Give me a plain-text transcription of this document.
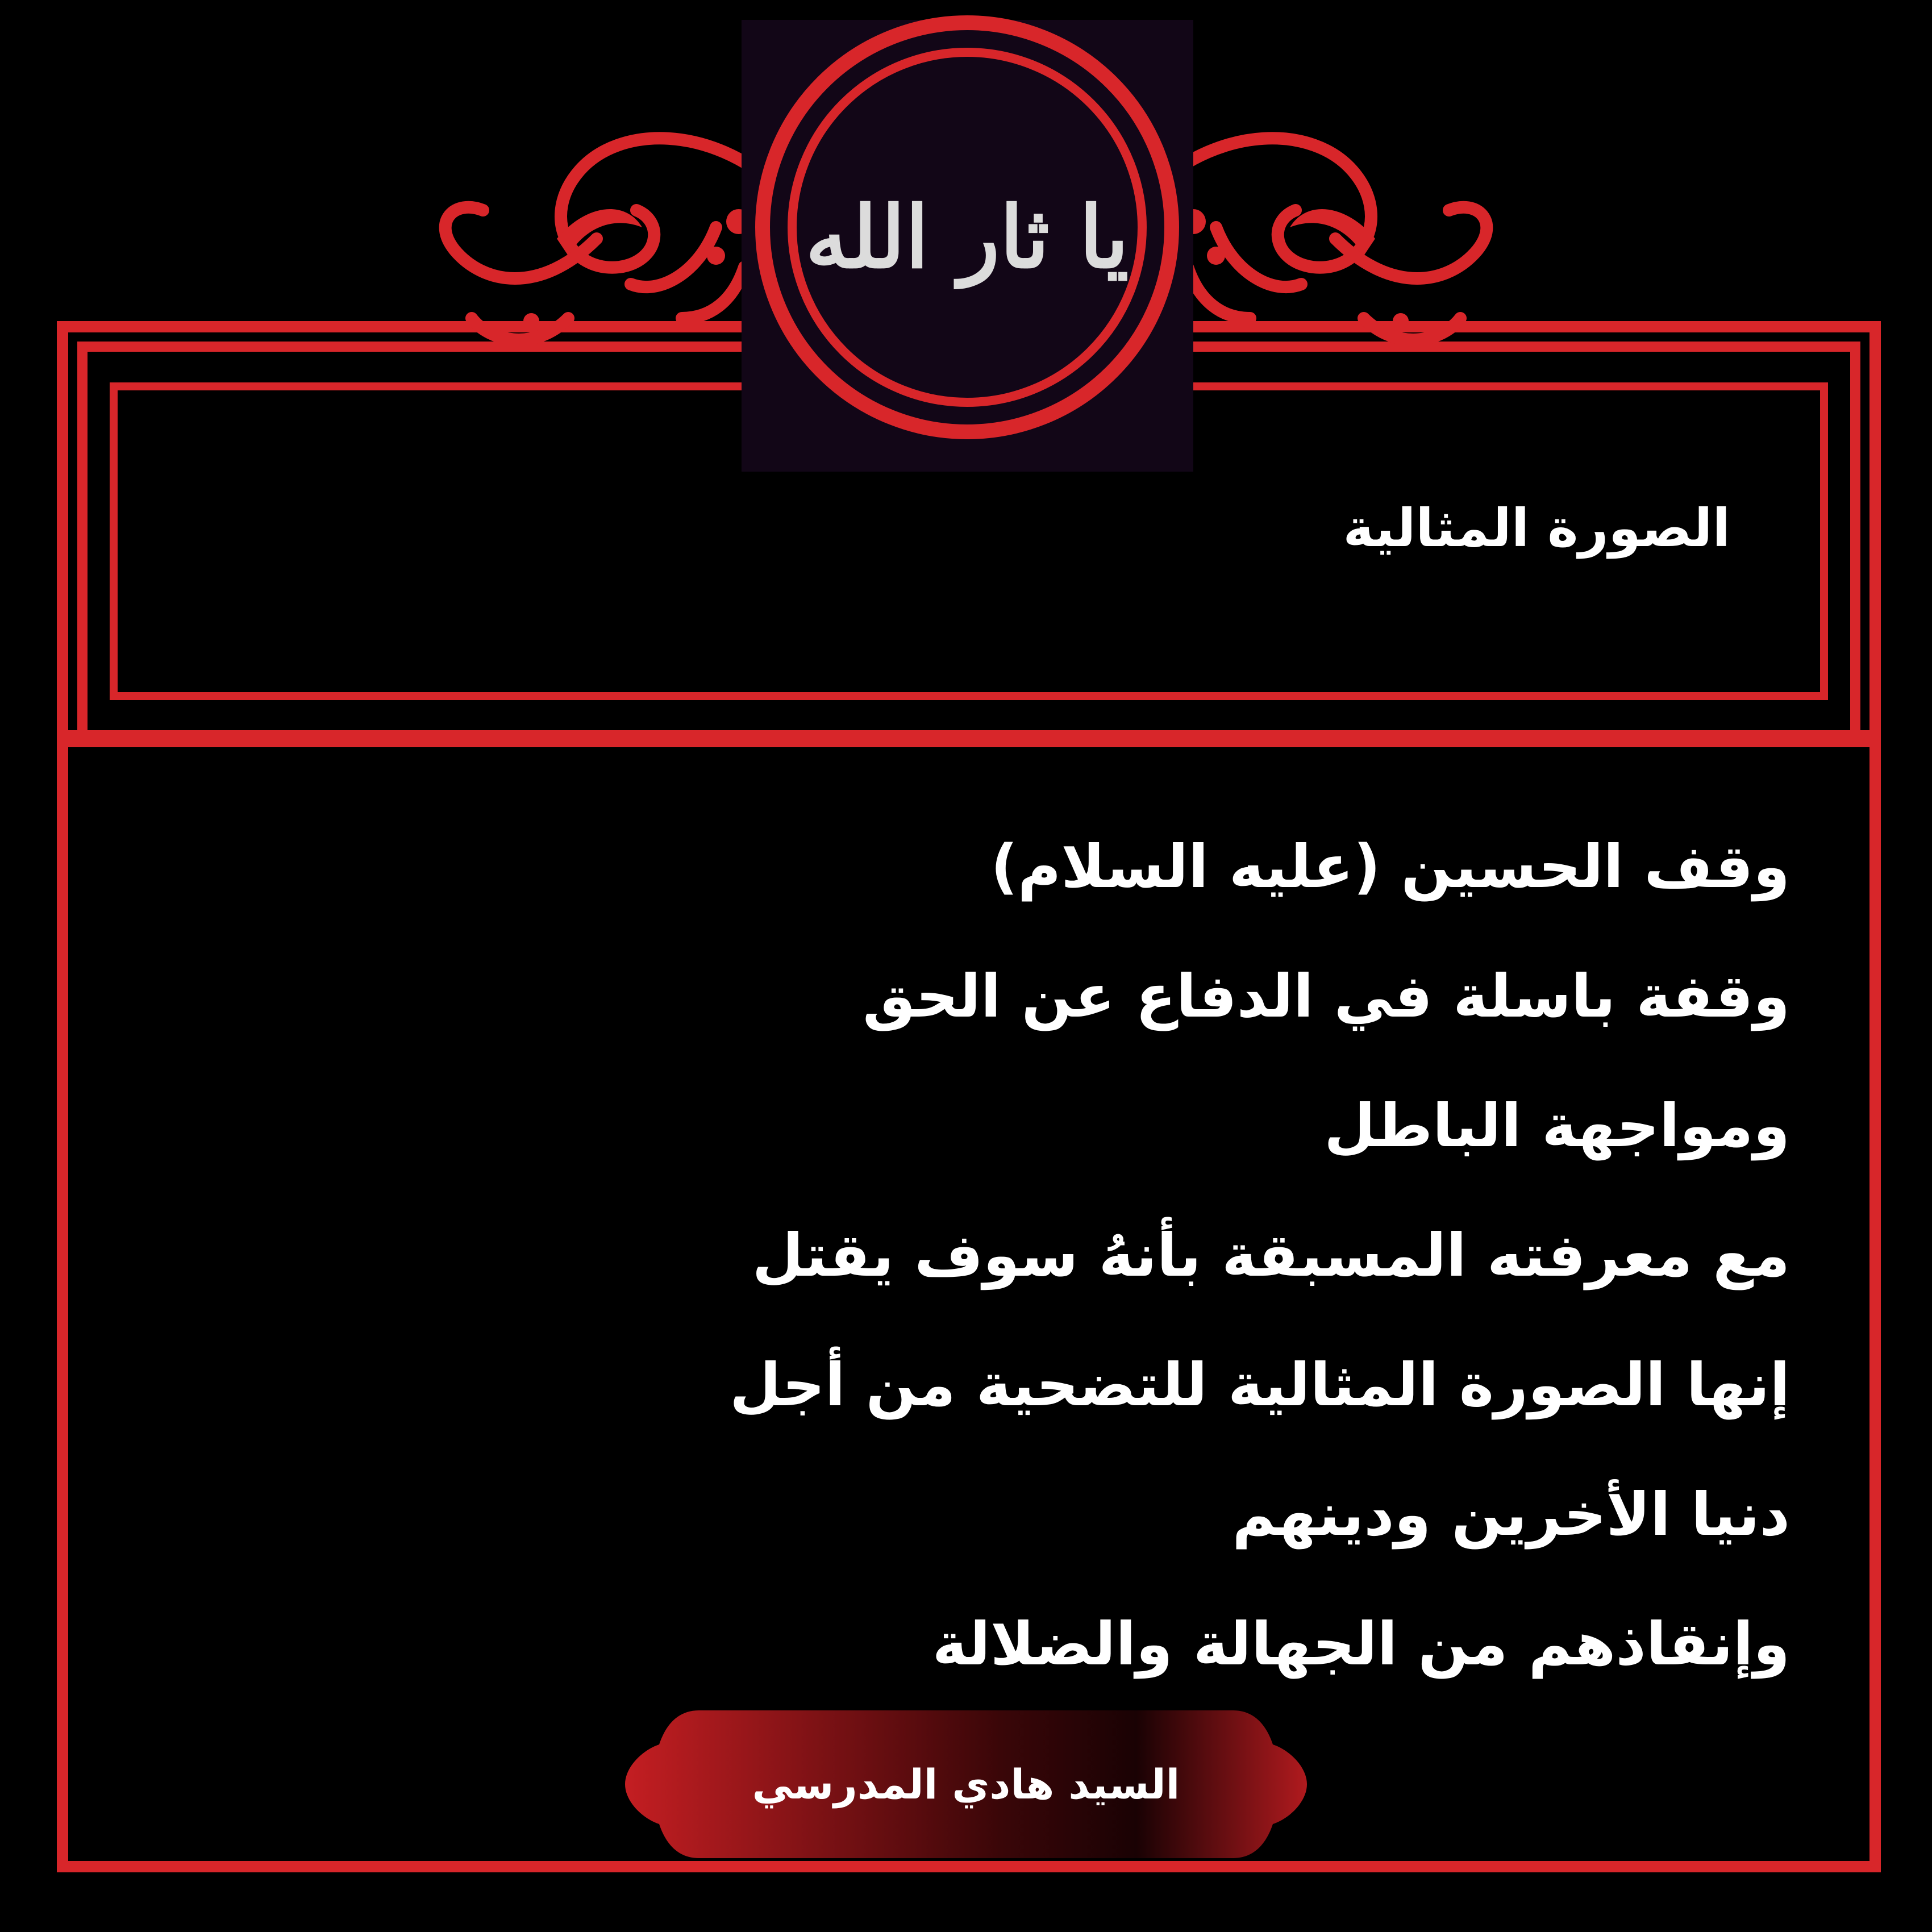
يا ثار الله
الصورة المثالية
وقف الحسين (عليه السلام)
وقفة باسلة في الدفاع عن الحق
ومواجهة الباطل
مع معرفته المسبقة بأنهُ سوف يقتل
إنها الصورة المثالية للتضحية من أجل
دنيا الأخرين ودينهم
وإنقاذهم من الجهالة والضلالة
السيد هادي المدرسي
